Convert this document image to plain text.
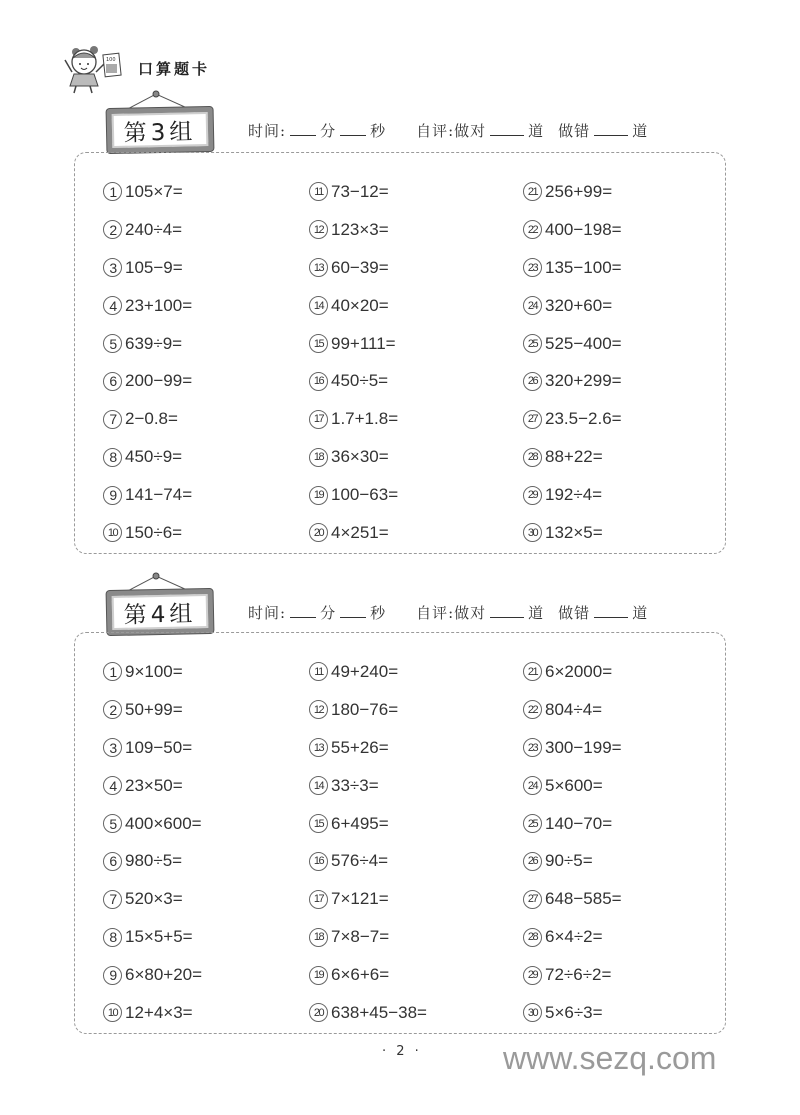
100 口算题卡
第3组	时间: 分 秒 自评:做对	道 做错	道
1 105×7=
2 240÷4=
3 105−9=
4 23+100=
5 639÷9=
6 200−99=
7 2−0.8=
8 450÷9=
9 141−74=
10 150÷6=
11 73−12=
12 123×3=
13 60−39=
14 40×20=
15 99+111=
16 450÷5=
17 1.7+1.8=
18 36×30=
19 100−63=
20 4×251=
21 256+99=
22 400−198=
23 135−100=
24 320+60=
25 525−400=
26 320+299=
27 23.5−2.6=
28 88+22=
29 192÷4=
30 132×5=
第4组	时间: 分 秒 自评:做对	道 做错	道
1 9×100=
2 50+99=
3 109−50=
4 23×50=
5 400×600=
6 980÷5=
7 520×3=
8 15×5+5=
9 6×80+20=
10 12+4×3=
11 49+240=
12 180−76=
13 55+26=
14 33÷3=
15 6+495=
16 576÷4=
17 7×121=
18 7×8−7=
19 6×6+6=
20 638+45−38=
21 6×2000=
22 804÷4=
23 300−199=
24 5×600=
25 140−70=
26 90÷5=
27 648−585=
28 6×4÷2=
29 72÷6÷2=
30 5×6÷3=
· 2 ·	www.sezq.com
